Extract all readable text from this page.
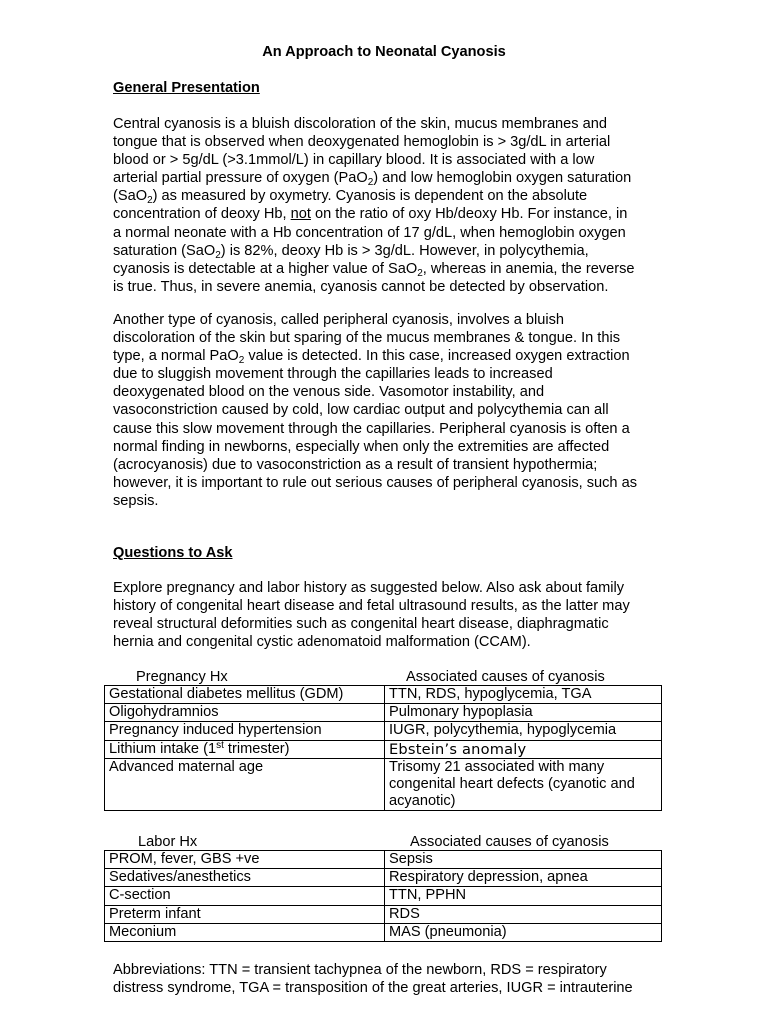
An Approach to Neonatal Cyanosis
General Presentation
Central cyanosis is a bluish discoloration of the skin, mucus membranes and
tongue that is observed when deoxygenated hemoglobin is > 3g/dL in arterial
blood or > 5g/dL (>3.1mmol/L) in capillary blood. It is associated with a low
arterial partial pressure of oxygen (PaO$_2$) and low hemoglobin oxygen saturation
(SaO$_2$) as measured by oxymetry. Cyanosis is dependent on the absolute
concentration of deoxy Hb, not on the ratio of oxy Hb/deoxy Hb. For instance, in
a normal neonate with a Hb concentration of 17 g/dL, when hemoglobin oxygen
saturation (SaO$_2$) is 82%, deoxy Hb is > 3g/dL. However, in polycythemia,
cyanosis is detectable at a higher value of SaO$_2$, whereas in anemia, the reverse
is true. Thus, in severe anemia, cyanosis cannot be detected by observation.
Another type of cyanosis, called peripheral cyanosis, involves a bluish
discoloration of the skin but sparing of the mucus membranes & tongue. In this
type, a normal PaO$_2$ value is detected. In this case, increased oxygen extraction
due to sluggish movement through the capillaries leads to increased
deoxygenated blood on the venous side. Vasomotor instability, and
vasoconstriction caused by cold, low cardiac output and polycythemia can all
cause this slow movement through the capillaries. Peripheral cyanosis is often a
normal finding in newborns, especially when only the extremities are affected
(acrocyanosis) due to vasoconstriction as a result of transient hypothermia;
however, it is important to rule out serious causes of peripheral cyanosis, such as
sepsis.
Questions to Ask
Explore pregnancy and labor history as suggested below. Also ask about family
history of congenital heart disease and fetal ultrasound results, as the latter may
reveal structural deformities such as congenital heart disease, diaphragmatic
hernia and congenital cystic adenomatoid malformation (CCAM).
Pregnancy Hx	Associated causes of cyanosis
Gestational diabetes mellitus (GDM)	TTN, RDS, hypoglycemia, TGA
Oligohydramnios	Pulmonary hypoplasia
Pregnancy induced hypertension	IUGR, polycythemia, hypoglycemia
Lithium intake (1st trimester)	Ebstein’s anomaly
Advanced maternal age	Trisomy 21 associated with many
congenital heart defects (cyanotic and
acyanotic)
Labor Hx	Associated causes of cyanosis
PROM, fever, GBS +ve	Sepsis
Sedatives/anesthetics	Respiratory depression, apnea
C-section	TTN, PPHN
Preterm infant	RDS
Meconium	MAS (pneumonia)
Abbreviations: TTN = transient tachypnea of the newborn, RDS = respiratory
distress syndrome, TGA = transposition of the great arteries, IUGR = intrauterine
